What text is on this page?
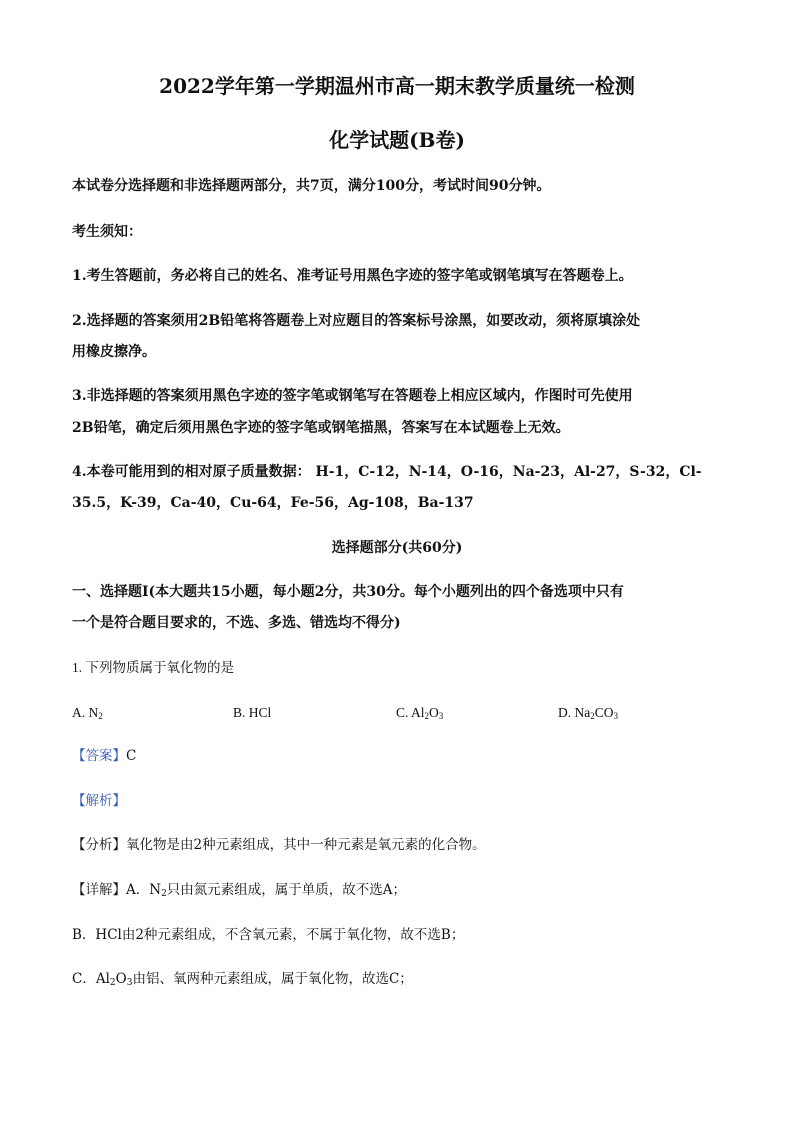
2022学年第一学期温州市高一期末教学质量统一检测
化学试题(B卷)
本试卷分选择题和非选择题两部分，共7页，满分100分，考试时间90分钟。
考生须知：
1.考生答题前，务必将自己的姓名、准考证号用黑色字迹的签字笔或钢笔填写在答题卷上。
2.选择题的答案须用2B铅笔将答题卷上对应题目的答案标号涂黑，如要改动，须将原填涂处
用橡皮擦净。
3.非选择题的答案须用黑色字迹的签字笔或钢笔写在答题卷上相应区域内，作图时可先使用
2B铅笔，确定后须用黑色字迹的签字笔或钢笔描黑，答案写在本试题卷上无效。
4.本卷可能用到的相对原子质量数据： H-1，C-12，N-14，O-16，Na-23，Al-27，S-32，Cl-
35.5，K-39，Ca-40，Cu-64，Fe-56，Ag-108，Ba-137
选择题部分(共60分)
一、选择题Ⅰ(本大题共15小题，每小题2分，共30分。每个小题列出的四个备选项中只有
一个是符合题目要求的，不选、多选、错选均不得分)
1. 下列物质属于氧化物的是
A. $N_2$	B. HCl	C. $Al_2O_3$	D. $Na_2CO_3$
【答案】C
【解析】
【分析】氧化物是由2种元素组成，其中一种元素是氧元素的化合物。
【详解】A．$N_2$只由氮元素组成，属于单质，故不选A；
B．HCl由2种元素组成，不含氧元素，不属于氧化物，故不选B；
C．$Al_2O_3$由铝、氧两种元素组成，属于氧化物，故选C；
